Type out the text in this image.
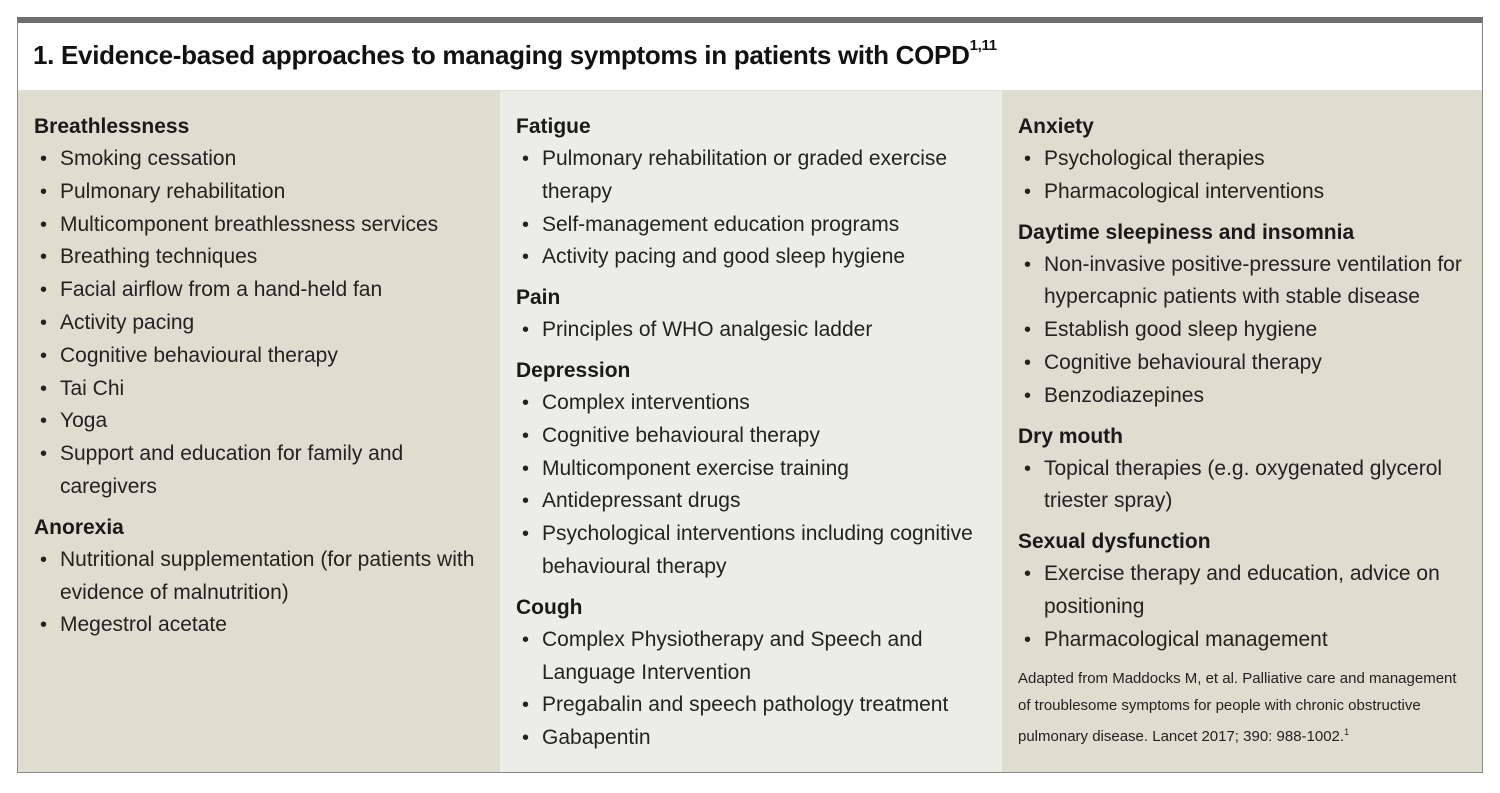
1. Evidence-based approaches to managing symptoms in patients with COPD$^{1,11}$
Breathlessness
• Smoking cessation
• Pulmonary rehabilitation
• Multicomponent breathlessness services
• Breathing techniques
• Facial airflow from a hand-held fan
• Activity pacing
• Cognitive behavioural therapy
• Tai Chi
• Yoga
• Support and education for family and caregivers
Anorexia
• Nutritional supplementation (for patients with evidence of malnutrition)
• Megestrol acetate
Fatigue
• Pulmonary rehabilitation or graded exercise therapy
• Self-management education programs
• Activity pacing and good sleep hygiene
Pain
• Principles of WHO analgesic ladder
Depression
• Complex interventions
• Cognitive behavioural therapy
• Multicomponent exercise training
• Antidepressant drugs
• Psychological interventions including cognitive behavioural therapy
Cough
• Complex Physiotherapy and Speech and Language Intervention
• Pregabalin and speech pathology treatment
• Gabapentin
Anxiety
• Psychological therapies
• Pharmacological interventions
Daytime sleepiness and insomnia
• Non-invasive positive-pressure ventilation for hypercapnic patients with stable disease
• Establish good sleep hygiene
• Cognitive behavioural therapy
• Benzodiazepines
Dry mouth
• Topical therapies (e.g. oxygenated glycerol triester spray)
Sexual dysfunction
• Exercise therapy and education, advice on positioning
• Pharmacological management
Adapted from Maddocks M, et al. Palliative care and management of troublesome symptoms for people with chronic obstructive pulmonary disease. Lancet 2017; 390: 988-1002.$^1$
